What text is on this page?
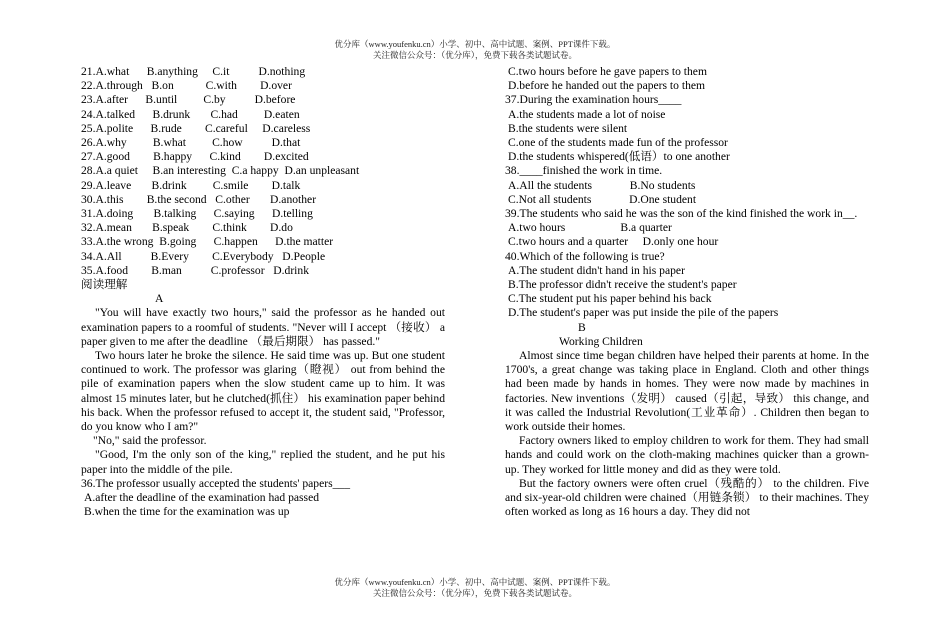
优分库（www.youfenku.cn）小学、初中、高中试题、案例、PPT课件下载。
关注微信公众号：（优分库），免费下载各类试题试卷。
21.A.what      B.anything     C.it          D.nothing
22.A.through   B.on           C.with        D.over
23.A.after      B.until         C.by          D.before
24.A.talked      B.drunk       C.had         D.eaten
25.A.polite      B.rude        C.careful     D.careless
26.A.why         B.what         C.how          D.that
27.A.good        B.happy      C.kind        D.excited
28.A.a quiet     B.an interesting  C.a happy  D.an unpleasant
29.A.leave       B.drink         C.smile        D.talk
30.A.this        B.the second   C.other       D.another
31.A.doing       B.talking      C.saying      D.telling
32.A.mean       B.speak        C.think        D.do
33.A.the wrong  B.going      C.happen      D.the matter
34.A.All          B.Every        C.Everybody   D.People
35.A.food        B.man          C.professor   D.drink
阅读理解
A
"You will have exactly two hours," said the professor as he handed out examination papers to a roomful of students. "Never will I accept （接收） a paper given to me after the deadline （最后期限） has passed."
Two hours later he broke the silence. He said time was up. But one student continued to work. The professor was glaring（瞪视） out from behind the pile of examination papers when the slow student came up to him. It was almost 15 minutes later, but he clutched(抓住） his examination paper behind his back. When the professor refused to accept it, the student said, "Professor, do you know who I am?"
"No," said the professor.
"Good, I'm the only son of the king," replied the student, and he put his paper into the middle of the pile.
36.The professor usually accepted the students' papers___
A.after the deadline of the examination had passed
B.when the time for the examination was up
C.two hours before he gave papers to them
D.before he handed out the papers to them
37.During the examination hours____
A.the students made a lot of noise
B.the students were silent
C.one of the students made fun of the professor
D.the students whispered(低语）to one another
38.____finished the work in time.
A.All the students             B.No students
C.Not all students             D.One student
39.The students who said he was the son of the kind finished the work in__.
A.two hours                   B.a quarter
C.two hours and a quarter     D.only one hour
40.Which of the following is true?
A.The student didn't hand in his paper
B.The professor didn't receive the student's paper
C.The student put his paper behind his back
D.The student's paper was put inside the pile of the papers
B
Working Children
Almost since time began children have helped their parents at home. In the 1700's, a great change was taking place in England. Cloth and other things had been made by hands in homes. They were now made by machines in factories. New inventions（发明） caused（引起，导致） this change, and it was called the Industrial Revolution(工业革命）. Children then began to work outside their homes.
Factory owners liked to employ children to work for them. They had small hands and could work on the cloth-making machines quicker than a grown-up. They worked for little money and did as they were told.
But the factory owners were often cruel（残酷的） to the children. Five and six-year-old children were chained（用链条锁） to their machines. They often worked as long as 16 hours a day. They did not
优分库（www.youfenku.cn）小学、初中、高中试题、案例、PPT课件下载。
关注微信公众号：（优分库），免费下载各类试题试卷。
